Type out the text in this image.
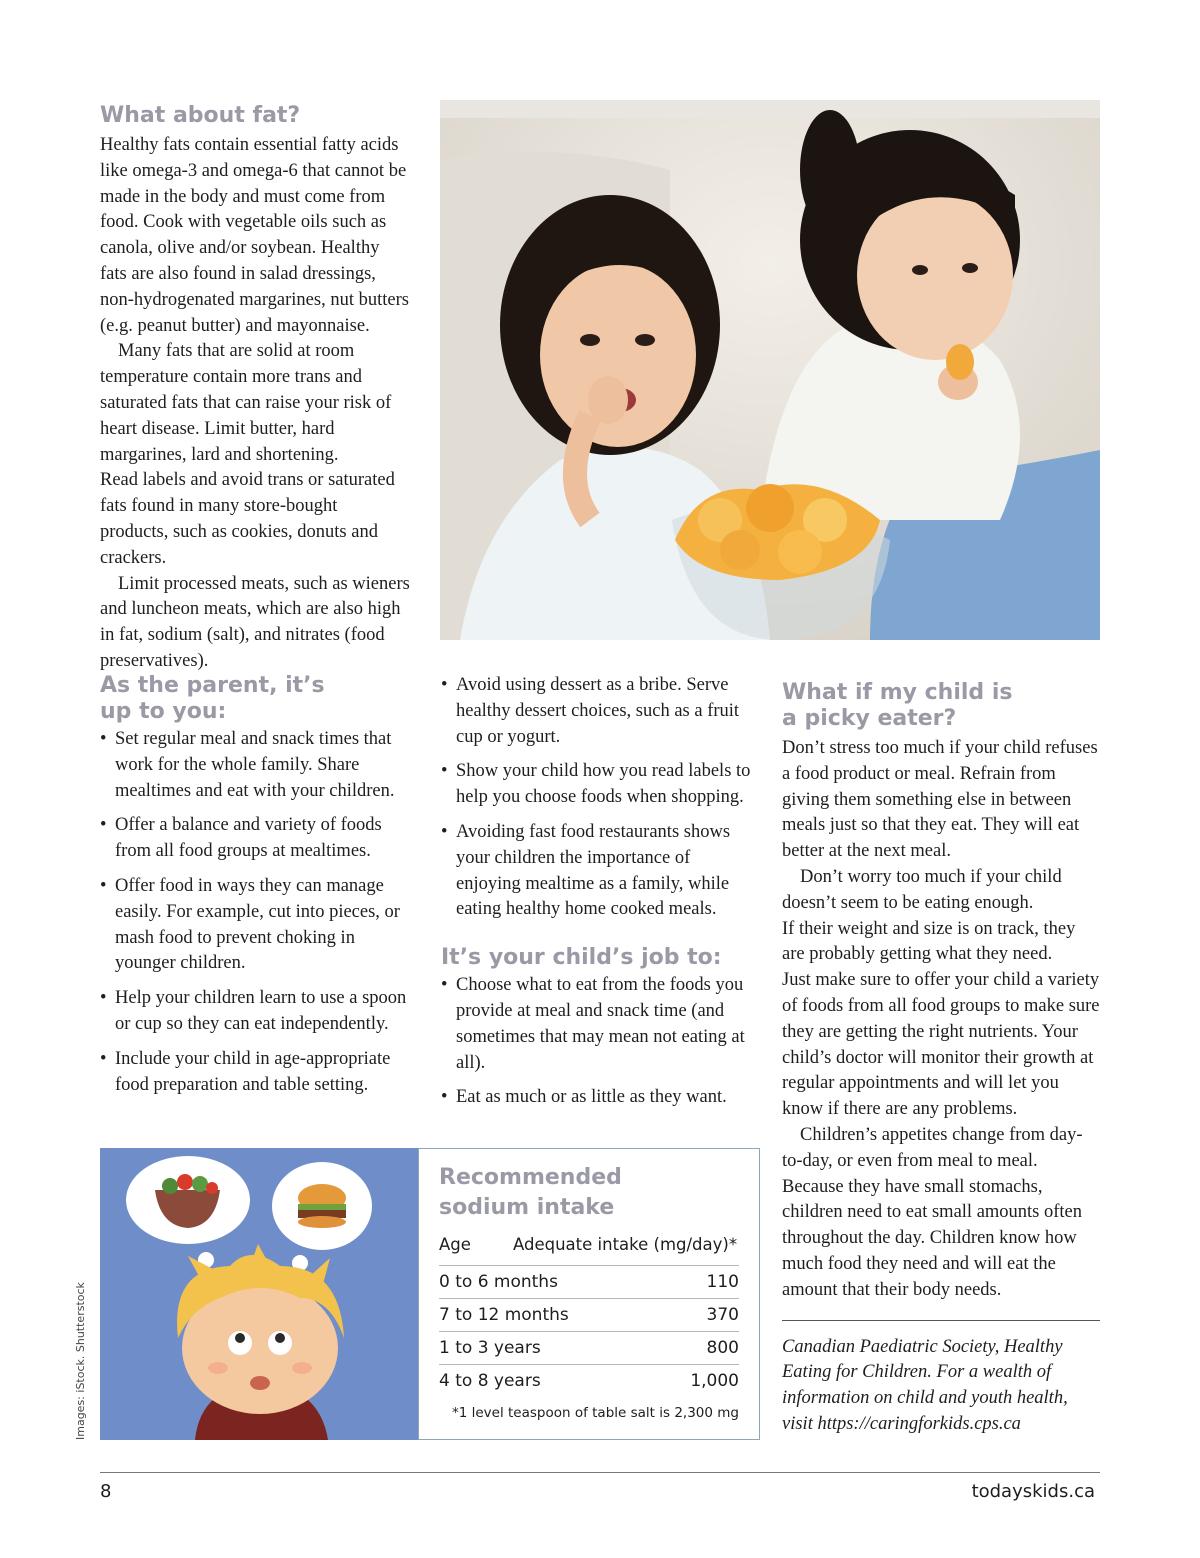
What about fat?

Healthy fats contain essential fatty acids like omega-3 and omega-6 that cannot be made in the body and must come from food. Cook with vegetable oils such as canola, olive and/or soybean. Healthy fats are also found in salad dressings, non-hydrogenated margarines, nut butters (e.g. peanut butter) and mayonnaise.

Many fats that are solid at room temperature contain more trans and saturated fats that can raise your risk of heart disease. Limit butter, hard margarines, lard and shortening.

Read labels and avoid trans or saturated fats found in many store-bought products, such as cookies, donuts and crackers.

Limit processed meats, such as wieners and luncheon meats, which are also high in fat, sodium (salt), and nitrates (food preservatives).

As the parent, it’s
up to you:
• Set regular meal and snack times that work for the whole family. Share mealtimes and eat with your children.
• Offer a balance and variety of foods from all food groups at mealtimes.
• Offer food in ways they can manage easily. For example, cut into pieces, or mash food to prevent choking in younger children.
• Help your children learn to use a spoon or cup so they can eat independently.
• Include your child in age-appropriate food preparation and table setting.
• Avoid using dessert as a bribe. Serve healthy dessert choices, such as a fruit cup or yogurt.
• Show your child how you read labels to help you choose foods when shopping.
• Avoiding fast food restaurants shows your children the importance of enjoying mealtime as a family, while eating healthy home cooked meals.
It’s your child’s job to:
• Choose what to eat from the foods you provide at meal and snack time (and sometimes that may mean not eating at all).
• Eat as much or as little as they want.
What if my child is
a picky eater?

Don’t stress too much if your child refuses a food product or meal. Refrain from giving them something else in between meals just so that they eat. They will eat better at the next meal.

Don’t worry too much if your child doesn’t seem to be eating enough.

If their weight and size is on track, they are probably getting what they need.

Just make sure to offer your child a variety of foods from all food groups to make sure they are getting the right nutrients. Your child’s doctor will monitor their growth at regular appointments and will let you know if there are any problems.

Children’s appetites change from day-to-day, or even from meal to meal. Because they have small stomachs, children need to eat small amounts often throughout the day. Children know how much food they need and will eat the amount that their body needs.

Canadian Paediatric Society, Healthy Eating for Children. For a wealth of information on child and youth health, visit https://caringforkids.cps.ca

Recommended
sodium intake
Age	Adequate intake (mg/day)*
0 to 6 months	110
7 to 12 months	370
1 to 3 years	800
4 to 8 years	1,000
*1 level teaspoon of table salt is 2,300 mg
Images: iStock. Shutterstock
8	todayskids.ca
